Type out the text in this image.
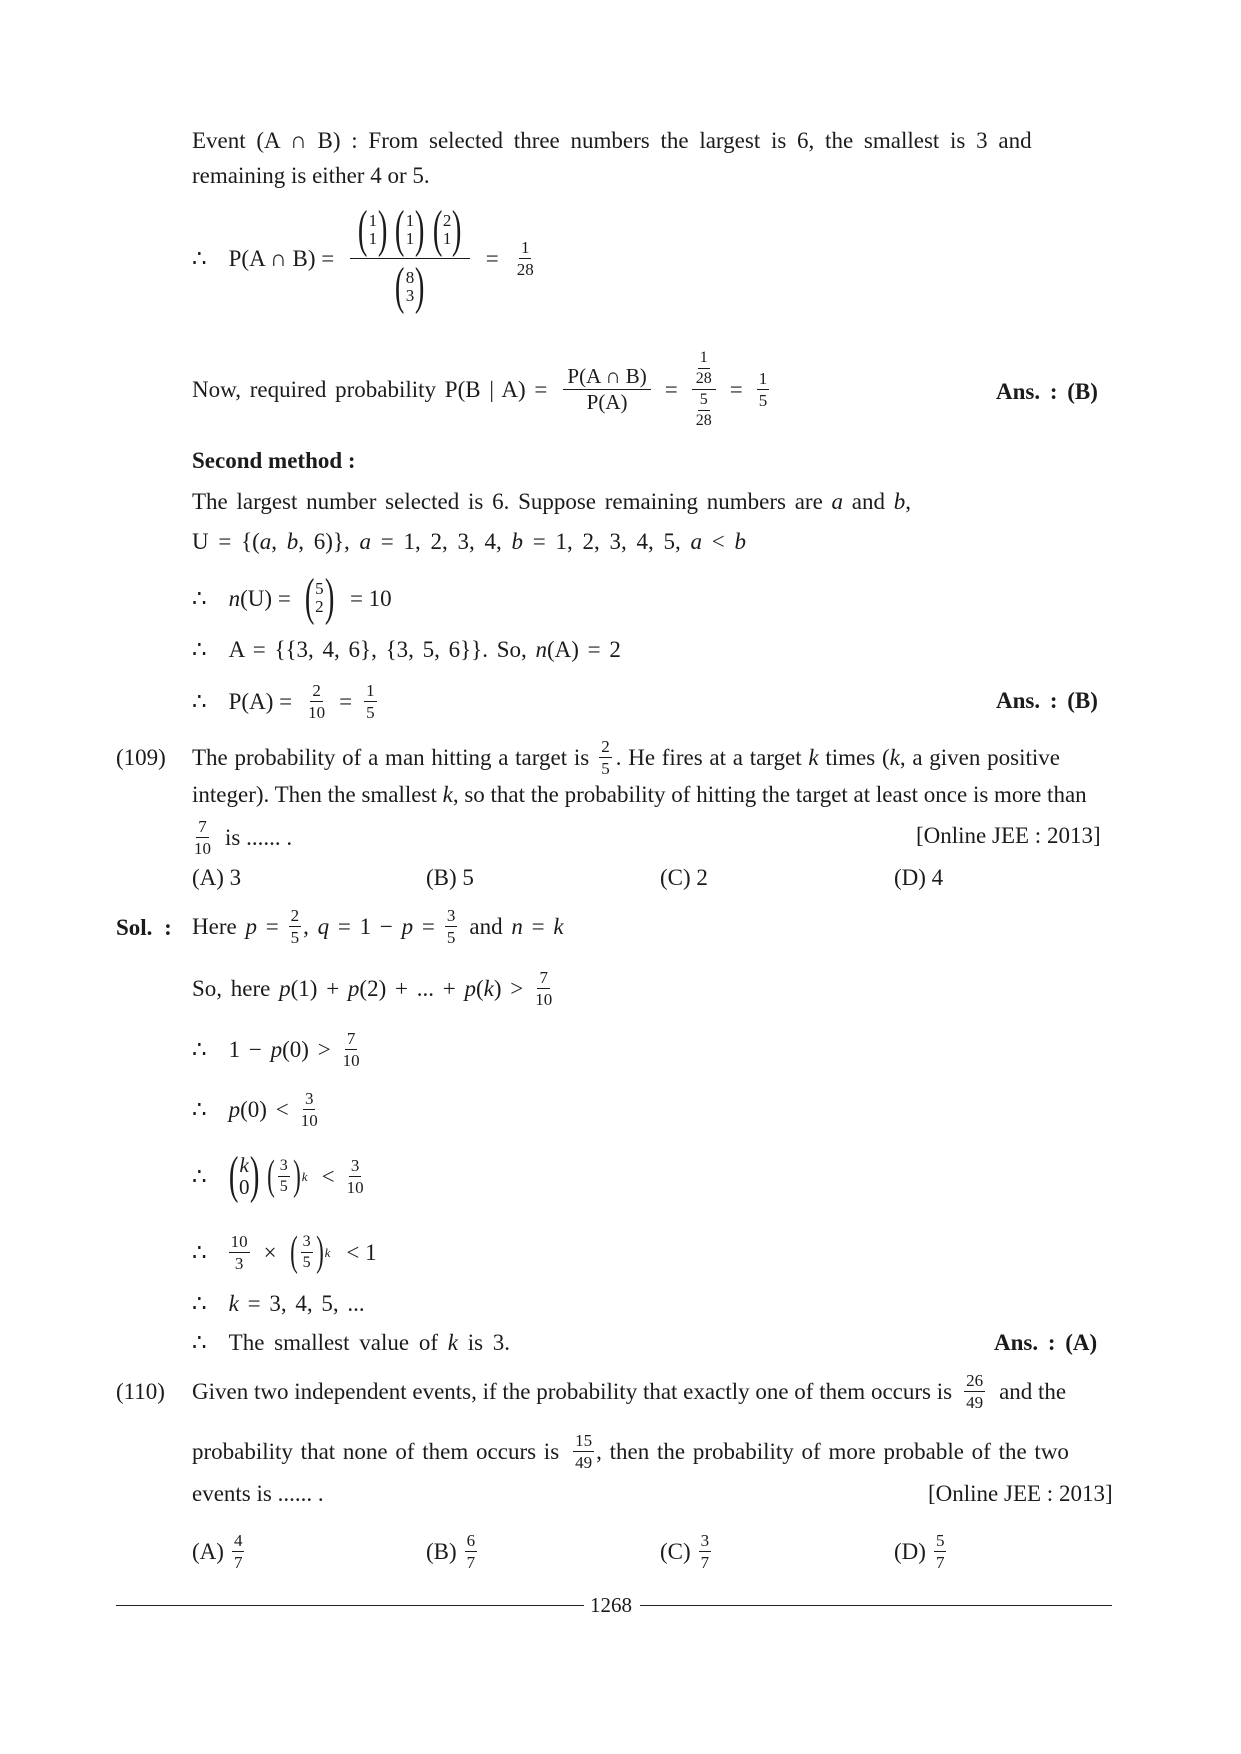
Event (A ∩ B) : From selected three numbers the largest is 6, the smallest is 3 and
remaining is either 4 or 5.
∴ P(A ∩ B) = ( 1
1 ) ( 1
1 ) ( 2
1 )
( 8
3 ) = $\frac{1}{28}$
Now, required probability P(B | $A) = \frac{P(A \cap B)}{P(A)} = \frac{\frac{1}{28}}{\frac{5}{28}} = \frac{1}{5}$	Ans. : (B)
Second method :
The largest number selected is 6. Suppose remaining numbers are a and b,
U = {(a, b, 6)}, a = 1, 2, 3, 4, b = 1, 2, 3, 4, 5, a < b
∴ n(U) = ( 5
2 ) = 10
∴ A = {{3, 4, 6}, {3, 5, 6}}. So, n(A) = 2
∴ $P(A) = \frac{2}{10} = \frac{1}{5}$	Ans. : (B)
(109) The probability of a man hitting a target is $\frac{2}{5}$ . He fires at a target k times (k, a given positive
integer). Then the smallest k, so that the probability of hitting the target at least once is more than
$\frac{7}{10}$ is ...... .	[Online JEE : 2013]
(A) 3	(B) 5	(C) 2	(D) 4
Sol. : Here $p = \frac{2}{5}$ , $q = 1 - p = \frac{3}{5}$ and n = k
So, here p(1) + p(2) + ... + $p(k) > \frac{7}{10}$
∴ $1 - p(0) > \frac{7}{10}$
∴ $p(0) < \frac{3}{10}$
∴ ( k
0 ) ( $\frac{3}{5}$ ) $k < \frac{3}{10}$
∴ $\frac{10}{3}$ × ( $\frac{3}{5}$ ) k < 1
∴ k = 3, 4, 5, ...
∴ The smallest value of k is 3.	Ans. : (A)
(110) Given two independent events, if the probability that exactly one of them occurs is $\frac{26}{49}$ and the
probability that none of them occurs is $\frac{15}{49}$ , then the probability of more probable of the two
events is ...... .	[Online JEE : 2013]
$(A) \frac{4}{7}$	$(B) \frac{6}{7}$	$(C) \frac{3}{7}$	$(D) \frac{5}{7}$
1268
